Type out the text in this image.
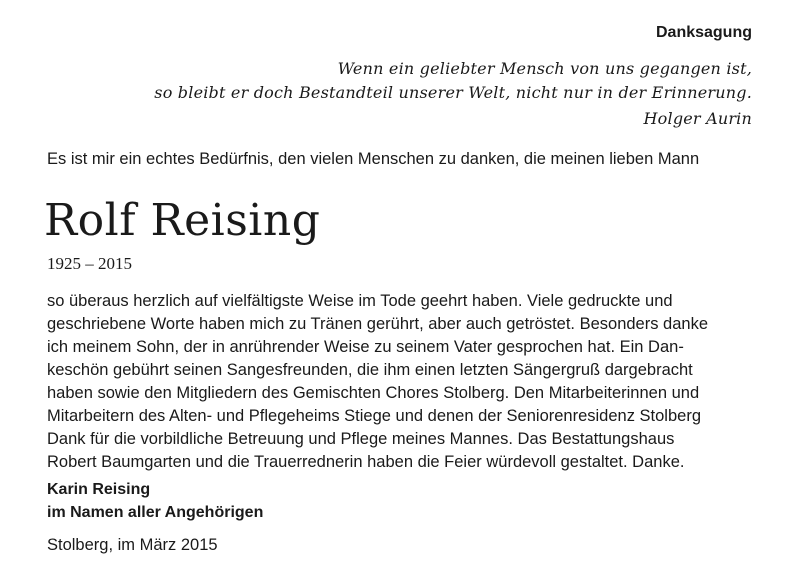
Danksagung
Wenn ein geliebter Mensch von uns gegangen ist,
so bleibt er doch Bestandteil unserer Welt, nicht nur in der Erinnerung.
Holger Aurin
Es ist mir ein echtes Bedürfnis, den vielen Menschen zu danken, die meinen lieben Mann
Rolf Reising
1925 – 2015
so überaus herzlich auf vielfältigste Weise im Tode geehrt haben. Viele gedruckte und
geschriebene Worte haben mich zu Tränen gerührt, aber auch getröstet. Besonders danke
ich meinem Sohn, der in anrührender Weise zu seinem Vater gesprochen hat. Ein Dan-
keschön gebührt seinen Sangesfreunden, die ihm einen letzten Sängergruß dargebracht
haben sowie den Mitgliedern des Gemischten Chores Stolberg. Den Mitarbeiterinnen und
Mitarbeitern des Alten- und Pflegeheims Stiege und denen der Seniorenresidenz Stolberg
Dank für die vorbildliche Betreuung und Pflege meines Mannes. Das Bestattungshaus
Robert Baumgarten und die Trauerrednerin haben die Feier würdevoll gestaltet. Danke.
Karin Reising
im Namen aller Angehörigen
Stolberg, im März 2015
